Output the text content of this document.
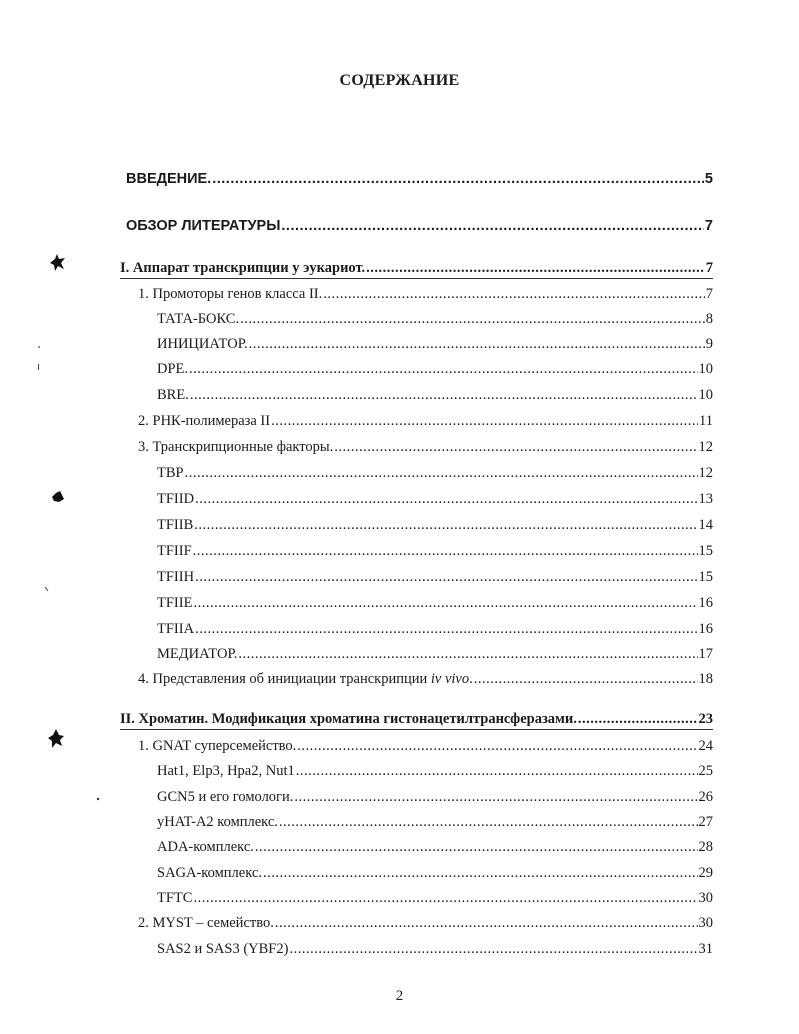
СОДЕРЖАНИЕ
ВВЕДЕНИЕ. .....	5
ОБЗОР ЛИТЕРАТУРЫ .....	7
I. Аппарат транскрипции у эукариот. .....	7
1. Промоторы генов класса II. .....	7
ТАТА-БОКС. .....	8
ИНИЦИАТОР. .....	9
DPE. .....	10
BRE. .....	10
2. РНК-полимераза II .....	11
3. Транскрипционные факторы. .....	12
TBP .....	12
TFIID .....	13
TFIIB .....	14
TFIIF .....	15
TFIIH .....	15
TFIIE .....	16
TFIIA .....	16
МЕДИАТОР. .....	17
4. Представления об инициации транскрипции iv vivo. .....	18
II. Хроматин. Модификация хроматина гистонацетилтрансферазами. .....	23
1. GNAT суперсемейство. .....	24
Hat1, Elp3, Hpa2, Nut1 .....	25
GCN5 и его гомологи. .....	26
yHAT-A2 комплекс. .....	27
ADA-комплекс. .....	28
SAGA-комплекс. .....	29
TFTC .....	30
2. MYST – семейство. .....	30
SAS2 и SAS3 (YBF2) .....	31
2
